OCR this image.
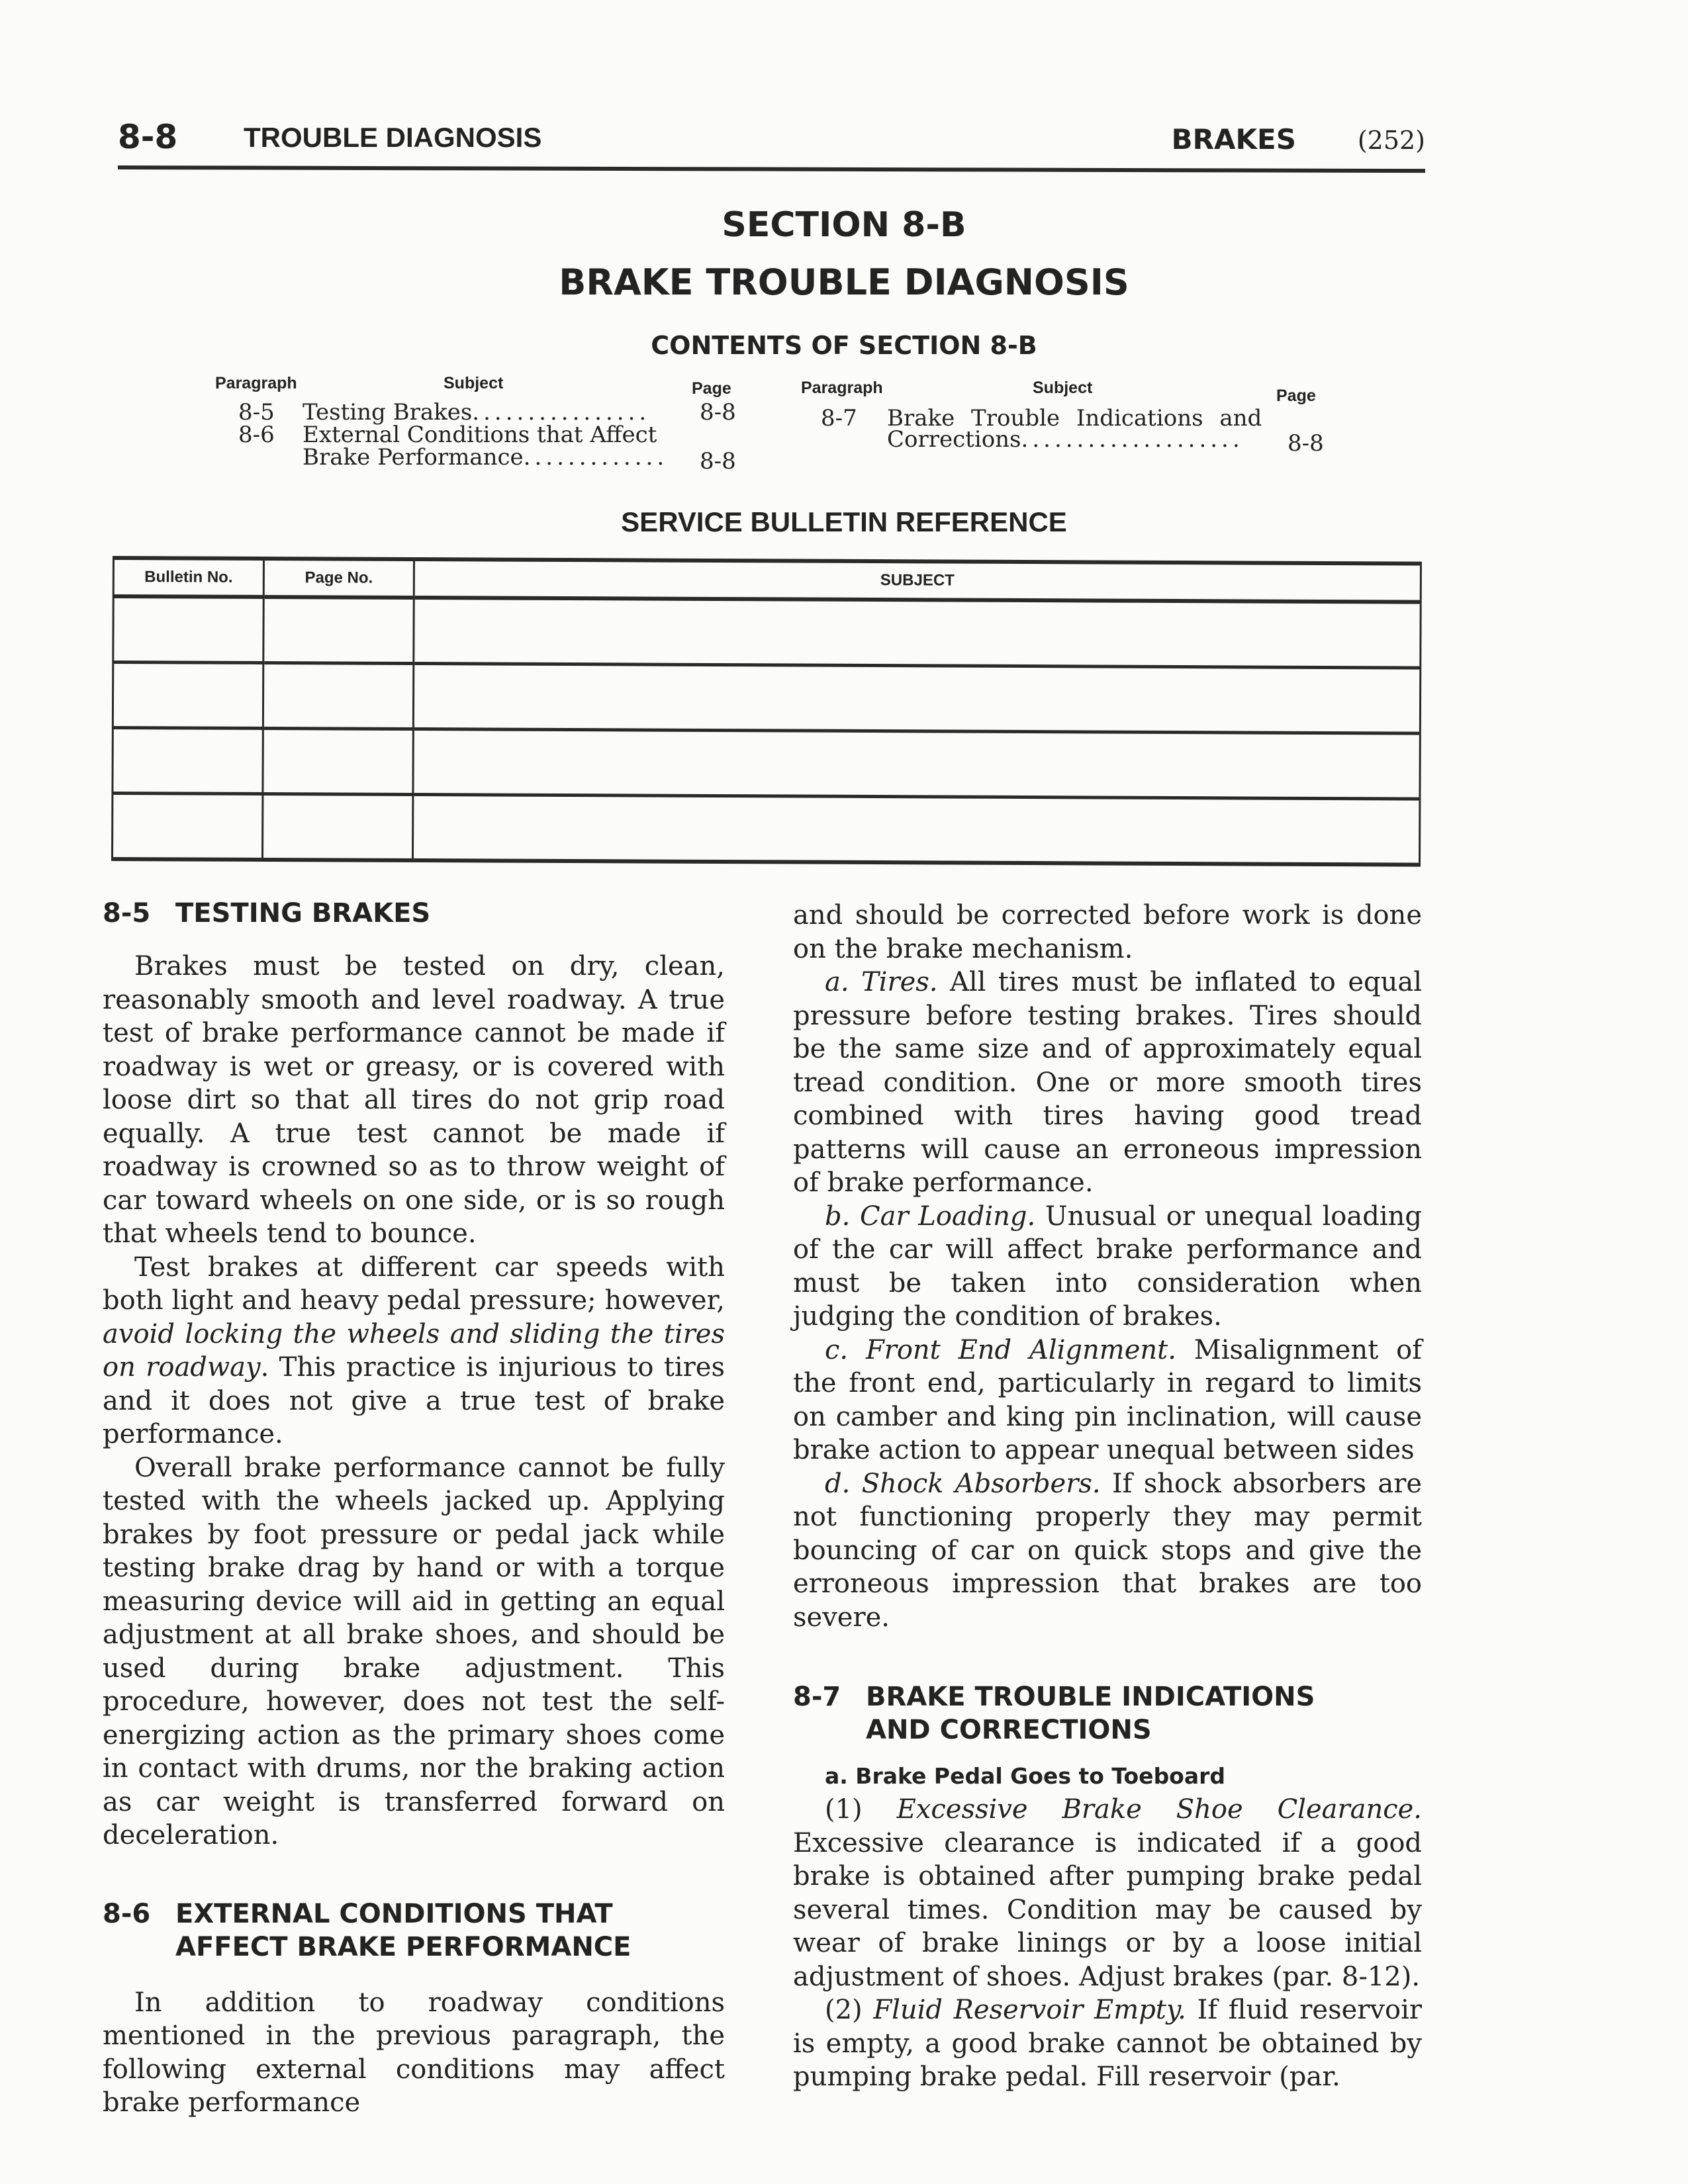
8-8 TROUBLE DIAGNOSIS	BRAKES (252)
SECTION 8-B
BRAKE TROUBLE DIAGNOSIS
CONTENTS OF SECTION 8-B
Paragraph	Subject	Page
8-5 Testing Brakes................ 8-8
8-6 External Conditions that Affect
Brake Performance............. 8-8
Paragraph	Subject	Page
8-7 Brake Trouble Indications and
Corrections.................... 8-8
SERVICE BULLETIN REFERENCE
Bulletin No.	Page No.	SUBJECT

8-5 TESTING BRAKES

Brakes must be tested on dry, clean, reasonably smooth and level roadway. A true test of brake performance cannot be made if roadway is wet or greasy, or is covered with loose dirt so that all tires do not grip road equally. A true test cannot be made if roadway is crowned so as to throw weight of car toward wheels on one side, or is so rough that wheels tend to bounce.

Test brakes at different car speeds with both light and heavy pedal pressure; however, avoid locking the wheels and sliding the tires on roadway. This practice is injurious to tires and it does not give a true test of brake performance.

Overall brake performance cannot be fully tested with the wheels jacked up. Applying brakes by foot pressure or pedal jack while testing brake drag by hand or with a torque measuring device will aid in getting an equal adjustment at all brake shoes, and should be used during brake adjustment. This procedure, however, does not test the self-energizing action as the primary shoes come in contact with drums, nor the braking action as car weight is transferred forward on deceleration.

8-6 EXTERNAL CONDITIONS THAT
AFFECT BRAKE PERFORMANCE

In addition to roadway conditions mentioned in the previous paragraph, the following external conditions may affect brake performance

and should be corrected before work is done on the brake mechanism.

a. Tires. All tires must be inflated to equal pressure before testing brakes. Tires should be the same size and of approximately equal tread condition. One or more smooth tires combined with tires having good tread patterns will cause an erroneous impression of brake performance.

b. Car Loading. Unusual or unequal loading of the car will affect brake performance and must be taken into consideration when judging the condition of brakes.

c. Front End Alignment. Misalignment of the front end, particularly in regard to limits on camber and king pin inclination, will cause brake action to appear unequal between sides

d. Shock Absorbers. If shock absorbers are not functioning properly they may permit bouncing of car on quick stops and give the erroneous impression that brakes are too severe.

8-7 BRAKE TROUBLE INDICATIONS
AND CORRECTIONS
a. Brake Pedal Goes to Toeboard

(1) Excessive Brake Shoe Clearance. Excessive clearance is indicated if a good brake is obtained after pumping brake pedal several times. Condition may be caused by wear of brake linings or by a loose initial adjustment of shoes. Adjust brakes (par. 8-12).

(2) Fluid Reservoir Empty. If fluid reservoir is empty, a good brake cannot be obtained by pumping brake pedal. Fill reservoir (par.
